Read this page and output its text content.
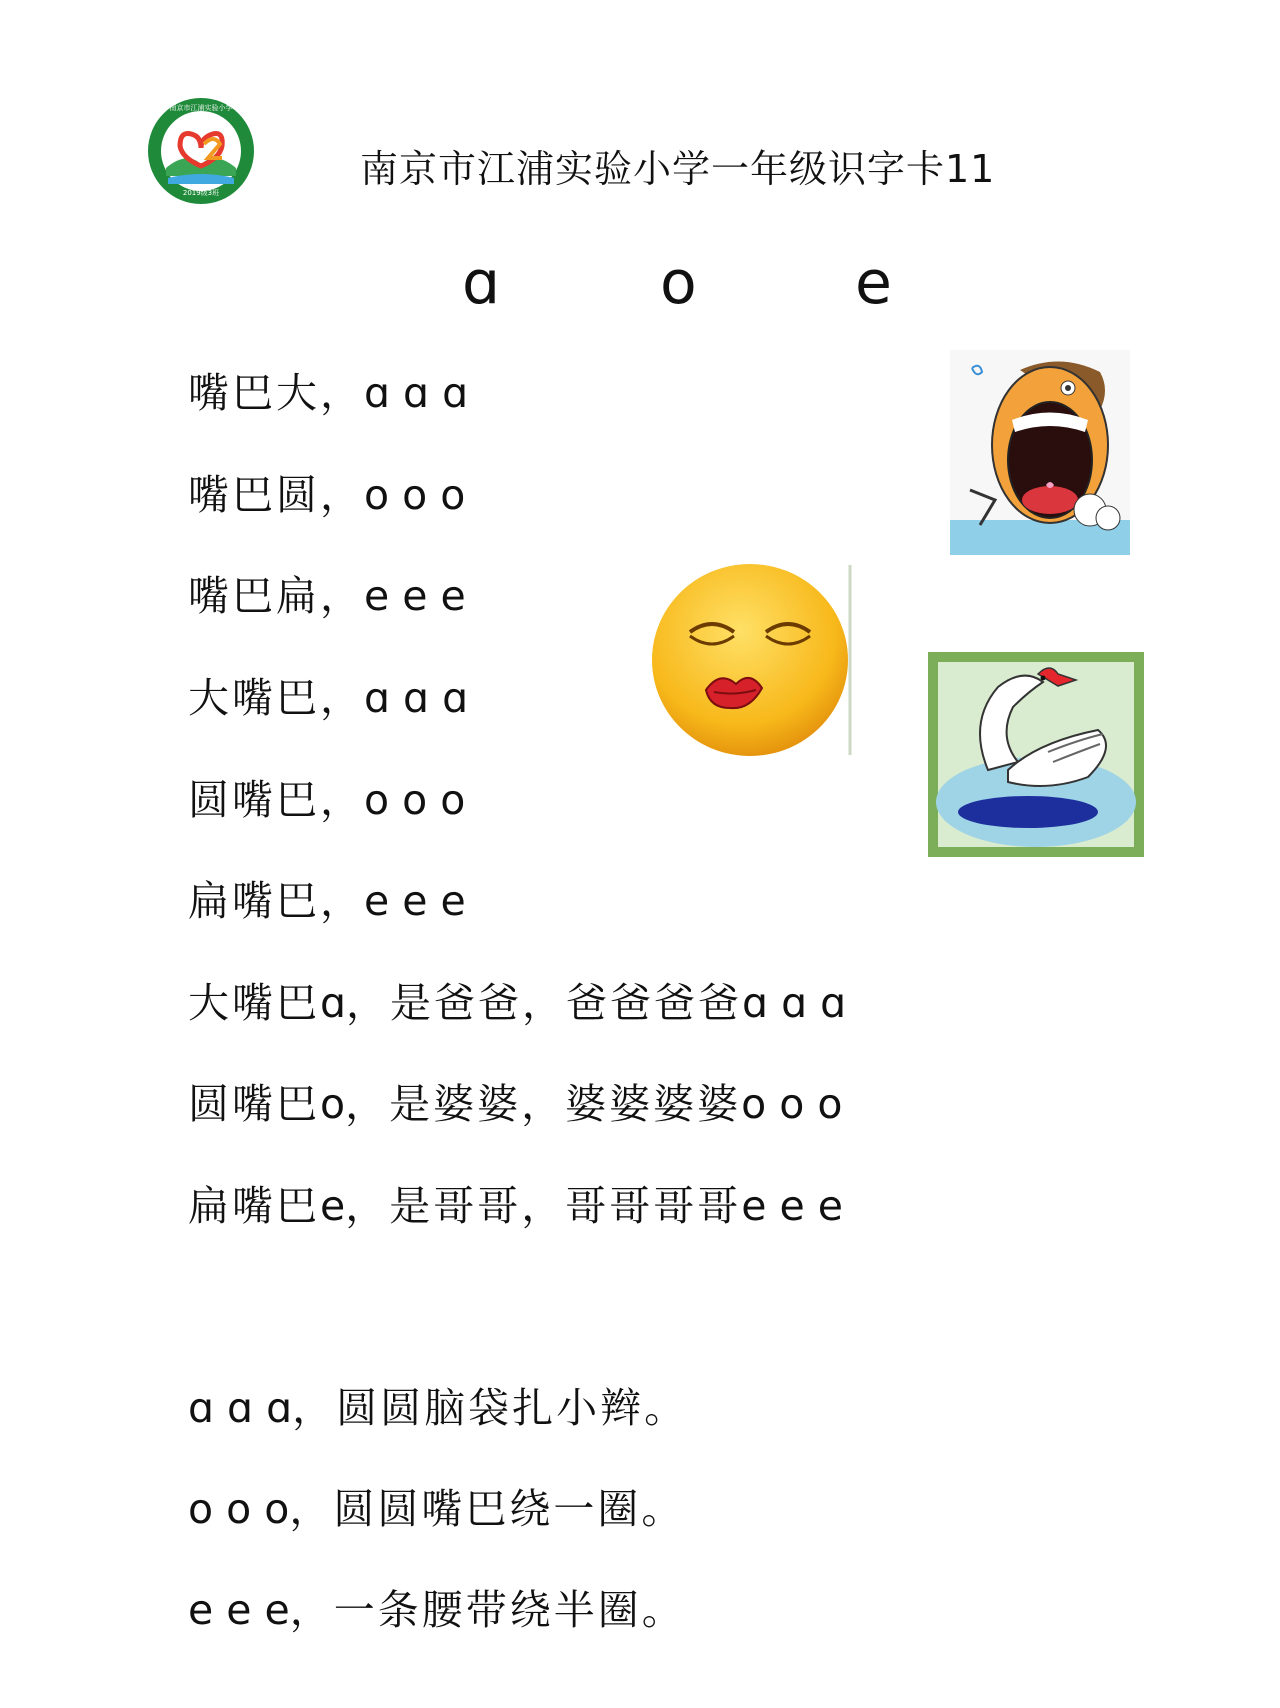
2019级3班
南京市江浦实验小学
南京市江浦实验小学一年级识字卡11
ɑ	o	e
嘴巴大，ɑ ɑ ɑ
嘴巴圆，o o o
嘴巴扁，e e e
大嘴巴，ɑ ɑ ɑ
圆嘴巴，o o o
扁嘴巴，e e e
大嘴巴ɑ，是爸爸，爸爸爸爸ɑ ɑ ɑ
圆嘴巴o，是婆婆，婆婆婆婆o o o
扁嘴巴e，是哥哥，哥哥哥哥e e e
ɑ ɑ ɑ，圆圆脑袋扎小辫。
o o o，圆圆嘴巴绕一圈。
e e e，一条腰带绕半圈。
